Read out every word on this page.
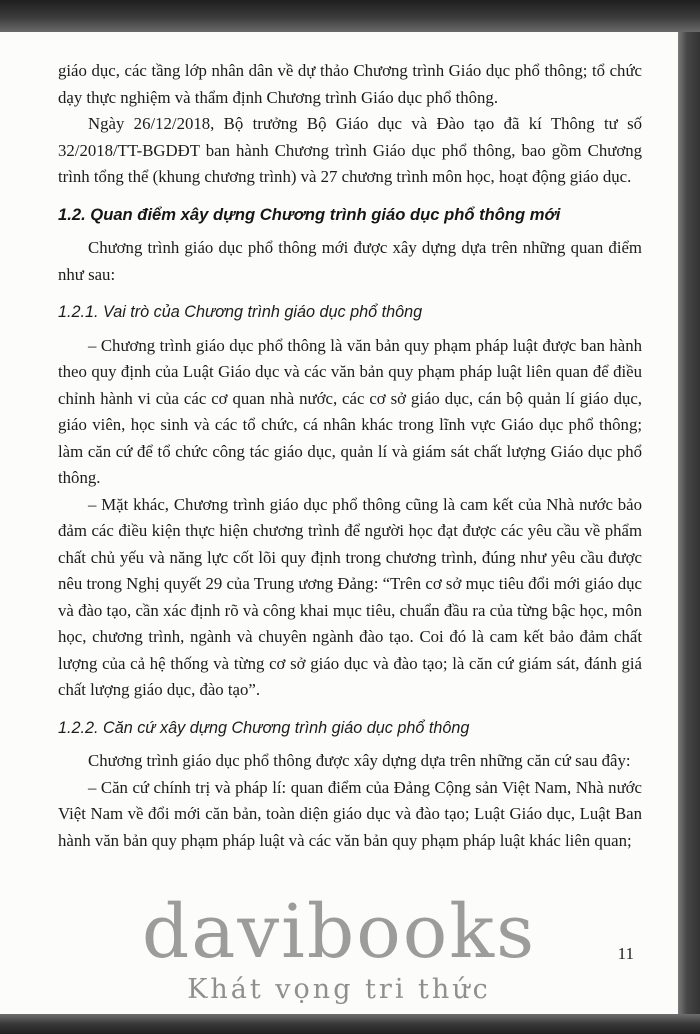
giáo dục, các tầng lớp nhân dân về dự thảo Chương trình Giáo dục phổ thông; tổ chức dạy thực nghiệm và thẩm định Chương trình Giáo dục phổ thông.

Ngày 26/12/2018, Bộ trưởng Bộ Giáo dục và Đào tạo đã kí Thông tư số 32/2018/TT-BGDĐT ban hành Chương trình Giáo dục phổ thông, bao gồm Chương trình tổng thể (khung chương trình) và 27 chương trình môn học, hoạt động giáo dục.

1.2. Quan điểm xây dựng Chương trình giáo dục phổ thông mới

Chương trình giáo dục phổ thông mới được xây dựng dựa trên những quan điểm như sau:

1.2.1. Vai trò của Chương trình giáo dục phổ thông

– Chương trình giáo dục phổ thông là văn bản quy phạm pháp luật được ban hành theo quy định của Luật Giáo dục và các văn bản quy phạm pháp luật liên quan để điều chỉnh hành vi của các cơ quan nhà nước, các cơ sở giáo dục, cán bộ quản lí giáo dục, giáo viên, học sinh và các tổ chức, cá nhân khác trong lĩnh vực Giáo dục phổ thông; làm căn cứ để tổ chức công tác giáo dục, quản lí và giám sát chất lượng Giáo dục phổ thông.

– Mặt khác, Chương trình giáo dục phổ thông cũng là cam kết của Nhà nước bảo đảm các điều kiện thực hiện chương trình để người học đạt được các yêu cầu về phẩm chất chủ yếu và năng lực cốt lõi quy định trong chương trình, đúng như yêu cầu được nêu trong Nghị quyết 29 của Trung ương Đảng: “Trên cơ sở mục tiêu đổi mới giáo dục và đào tạo, cần xác định rõ và công khai mục tiêu, chuẩn đầu ra của từng bậc học, môn học, chương trình, ngành và chuyên ngành đào tạo. Coi đó là cam kết bảo đảm chất lượng của cả hệ thống và từng cơ sở giáo dục và đào tạo; là căn cứ giám sát, đánh giá chất lượng giáo dục, đào tạo”.

1.2.2. Căn cứ xây dựng Chương trình giáo dục phổ thông

Chương trình giáo dục phổ thông được xây dựng dựa trên những căn cứ sau đây:

– Căn cứ chính trị và pháp lí: quan điểm của Đảng Cộng sản Việt Nam, Nhà nước Việt Nam về đổi mới căn bản, toàn diện giáo dục và đào tạo; Luật Giáo dục, Luật Ban hành văn bản quy phạm pháp luật và các văn bản quy phạm pháp luật khác liên quan;

davibooks
Khát vọng tri thức
11
